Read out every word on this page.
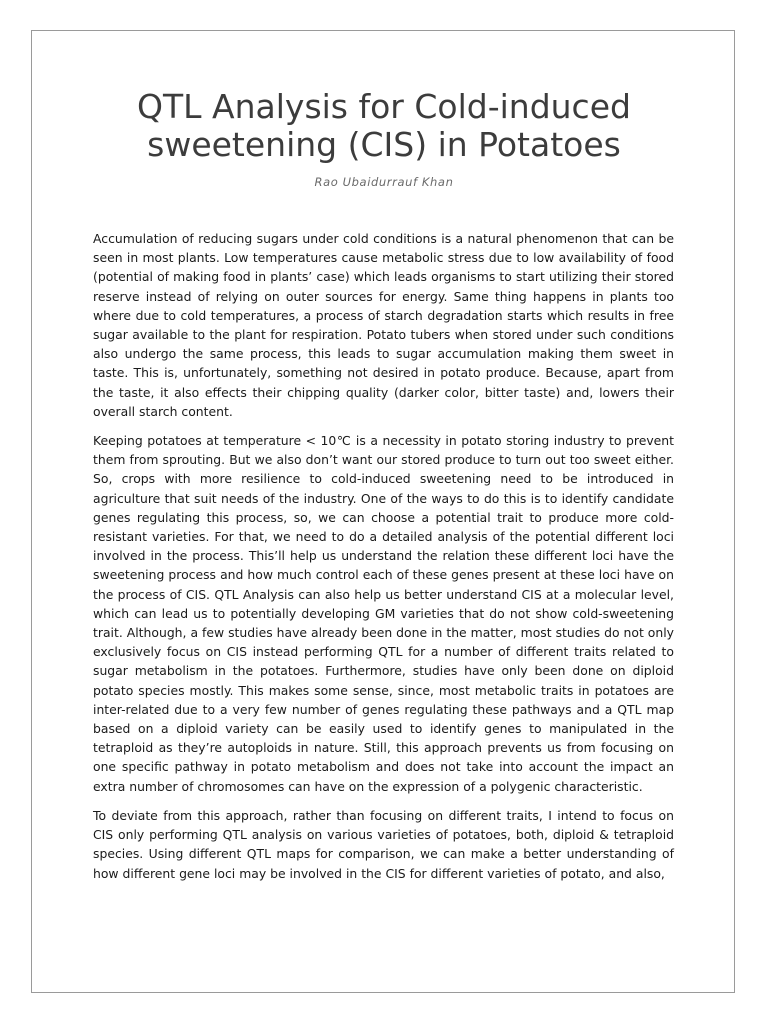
QTL Analysis for Cold-induced sweetening (CIS) in Potatoes
Rao Ubaidurrauf Khan

Accumulation of reducing sugars under cold conditions is a natural phenomenon that can be seen in most plants. Low temperatures cause metabolic stress due to low availability of food (potential of making food in plants’ case) which leads organisms to start utilizing their stored reserve instead of relying on outer sources for energy. Same thing happens in plants too where due to cold temperatures, a process of starch degradation starts which results in free sugar available to the plant for respiration. Potato tubers when stored under such conditions also undergo the same process, this leads to sugar accumulation making them sweet in taste. This is, unfortunately, something not desired in potato produce. Because, apart from the taste, it also effects their chipping quality (darker color, bitter taste) and, lowers their overall starch content.

Keeping potatoes at temperature < 10℃ is a necessity in potato storing industry to prevent them from sprouting. But we also don’t want our stored produce to turn out too sweet either. So, crops with more resilience to cold-induced sweetening need to be introduced in agriculture that suit needs of the industry. One of the ways to do this is to identify candidate genes regulating this process, so, we can choose a potential trait to produce more cold-resistant varieties. For that, we need to do a detailed analysis of the potential different loci involved in the process. This’ll help us understand the relation these different loci have the sweetening process and how much control each of these genes present at these loci have on the process of CIS. QTL Analysis can also help us better understand CIS at a molecular level, which can lead us to potentially developing GM varieties that do not show cold-sweetening trait. Although, a few studies have already been done in the matter, most studies do not only exclusively focus on CIS instead performing QTL for a number of different traits related to sugar metabolism in the potatoes. Furthermore, studies have only been done on diploid potato species mostly. This makes some sense, since, most metabolic traits in potatoes are inter-related due to a very few number of genes regulating these pathways and a QTL map based on a diploid variety can be easily used to identify genes to manipulated in the tetraploid as they’re autoploids in nature. Still, this approach prevents us from focusing on one specific pathway in potato metabolism and does not take into account the impact an extra number of chromosomes can have on the expression of a polygenic characteristic.

To deviate from this approach, rather than focusing on different traits, I intend to focus on CIS only performing QTL analysis on various varieties of potatoes, both, diploid & tetraploid species. Using different QTL maps for comparison, we can make a better understanding of how different gene loci may be involved in the CIS for different varieties of potato, and also,
